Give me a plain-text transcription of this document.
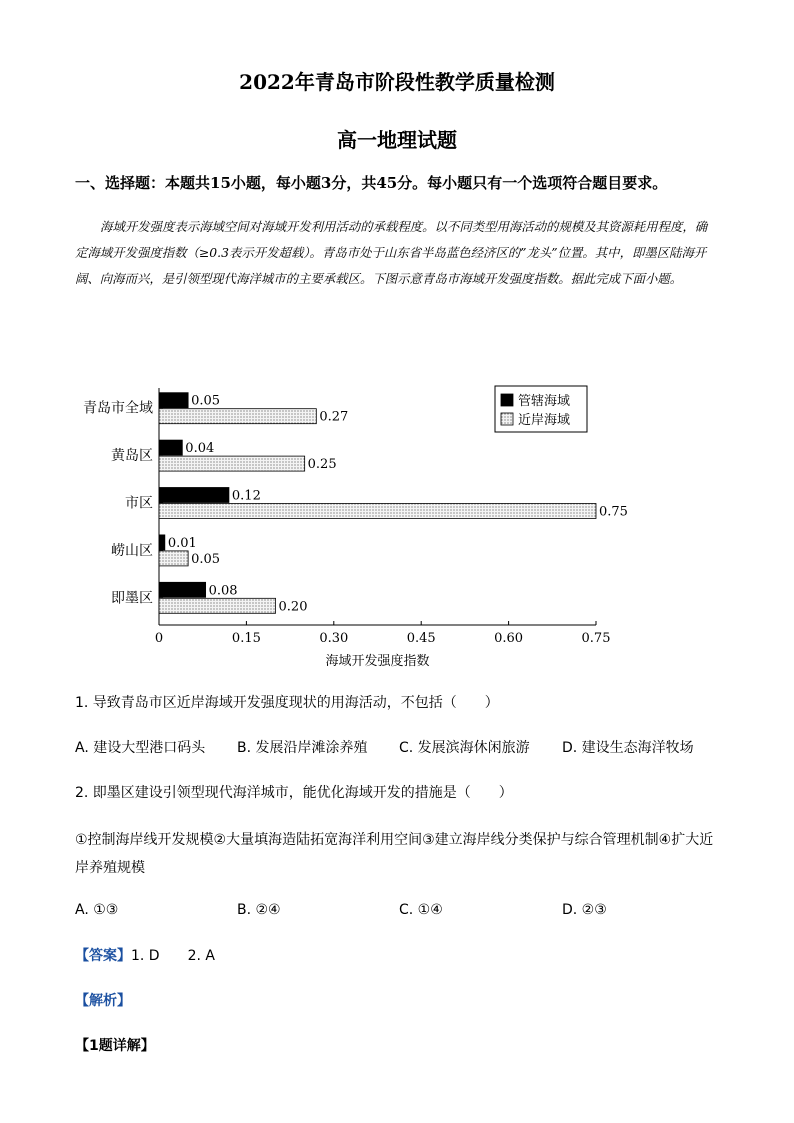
2022年青岛市阶段性教学质量检测
高一地理试题
一、选择题：本题共15小题，每小题3分，共45分。每小题只有一个选项符合题目要求。

海域开发强度表示海域空间对海域开发利用活动的承载程度。以不同类型用海活动的规模及其资源耗用程度，确定海域开发强度指数（≥0.3表示开发超载）。青岛市处于山东省半岛蓝色经济区的”龙头”位置。其中，即墨区陆海开阔、向海而兴，是引领型现代海洋城市的主要承载区。下图示意青岛市海域开发强度指数。据此完成下面小题。

0	0.15	0.30	0.45	0.60	0.75
海域开发强度指数
青岛市全域	0.05
0.27
黄岛区 0.04
0.25
市区	0.12
0.75
崂山区 0.01
0.05
即墨区	0.08
0.20
管辖海域
近岸海域
1. 导致青岛市区近岸海域开发强度现状的用海活动，不包括（　　）
A. 建设大型港口码头 B. 发展沿岸滩涂养殖 C. 发展滨海休闲旅游 D. 建设生态海洋牧场
2. 即墨区建设引领型现代海洋城市，能优化海域开发的措施是（　　）
①控制海岸线开发规模②大量填海造陆拓宽海洋利用空间③建立海岸线分类保护与综合管理机制④扩大近岸养殖规模
A. ①③	B. ②④	C. ①④	D. ②③
【答案】1. D　　2. A
【解析】
【1题详解】
